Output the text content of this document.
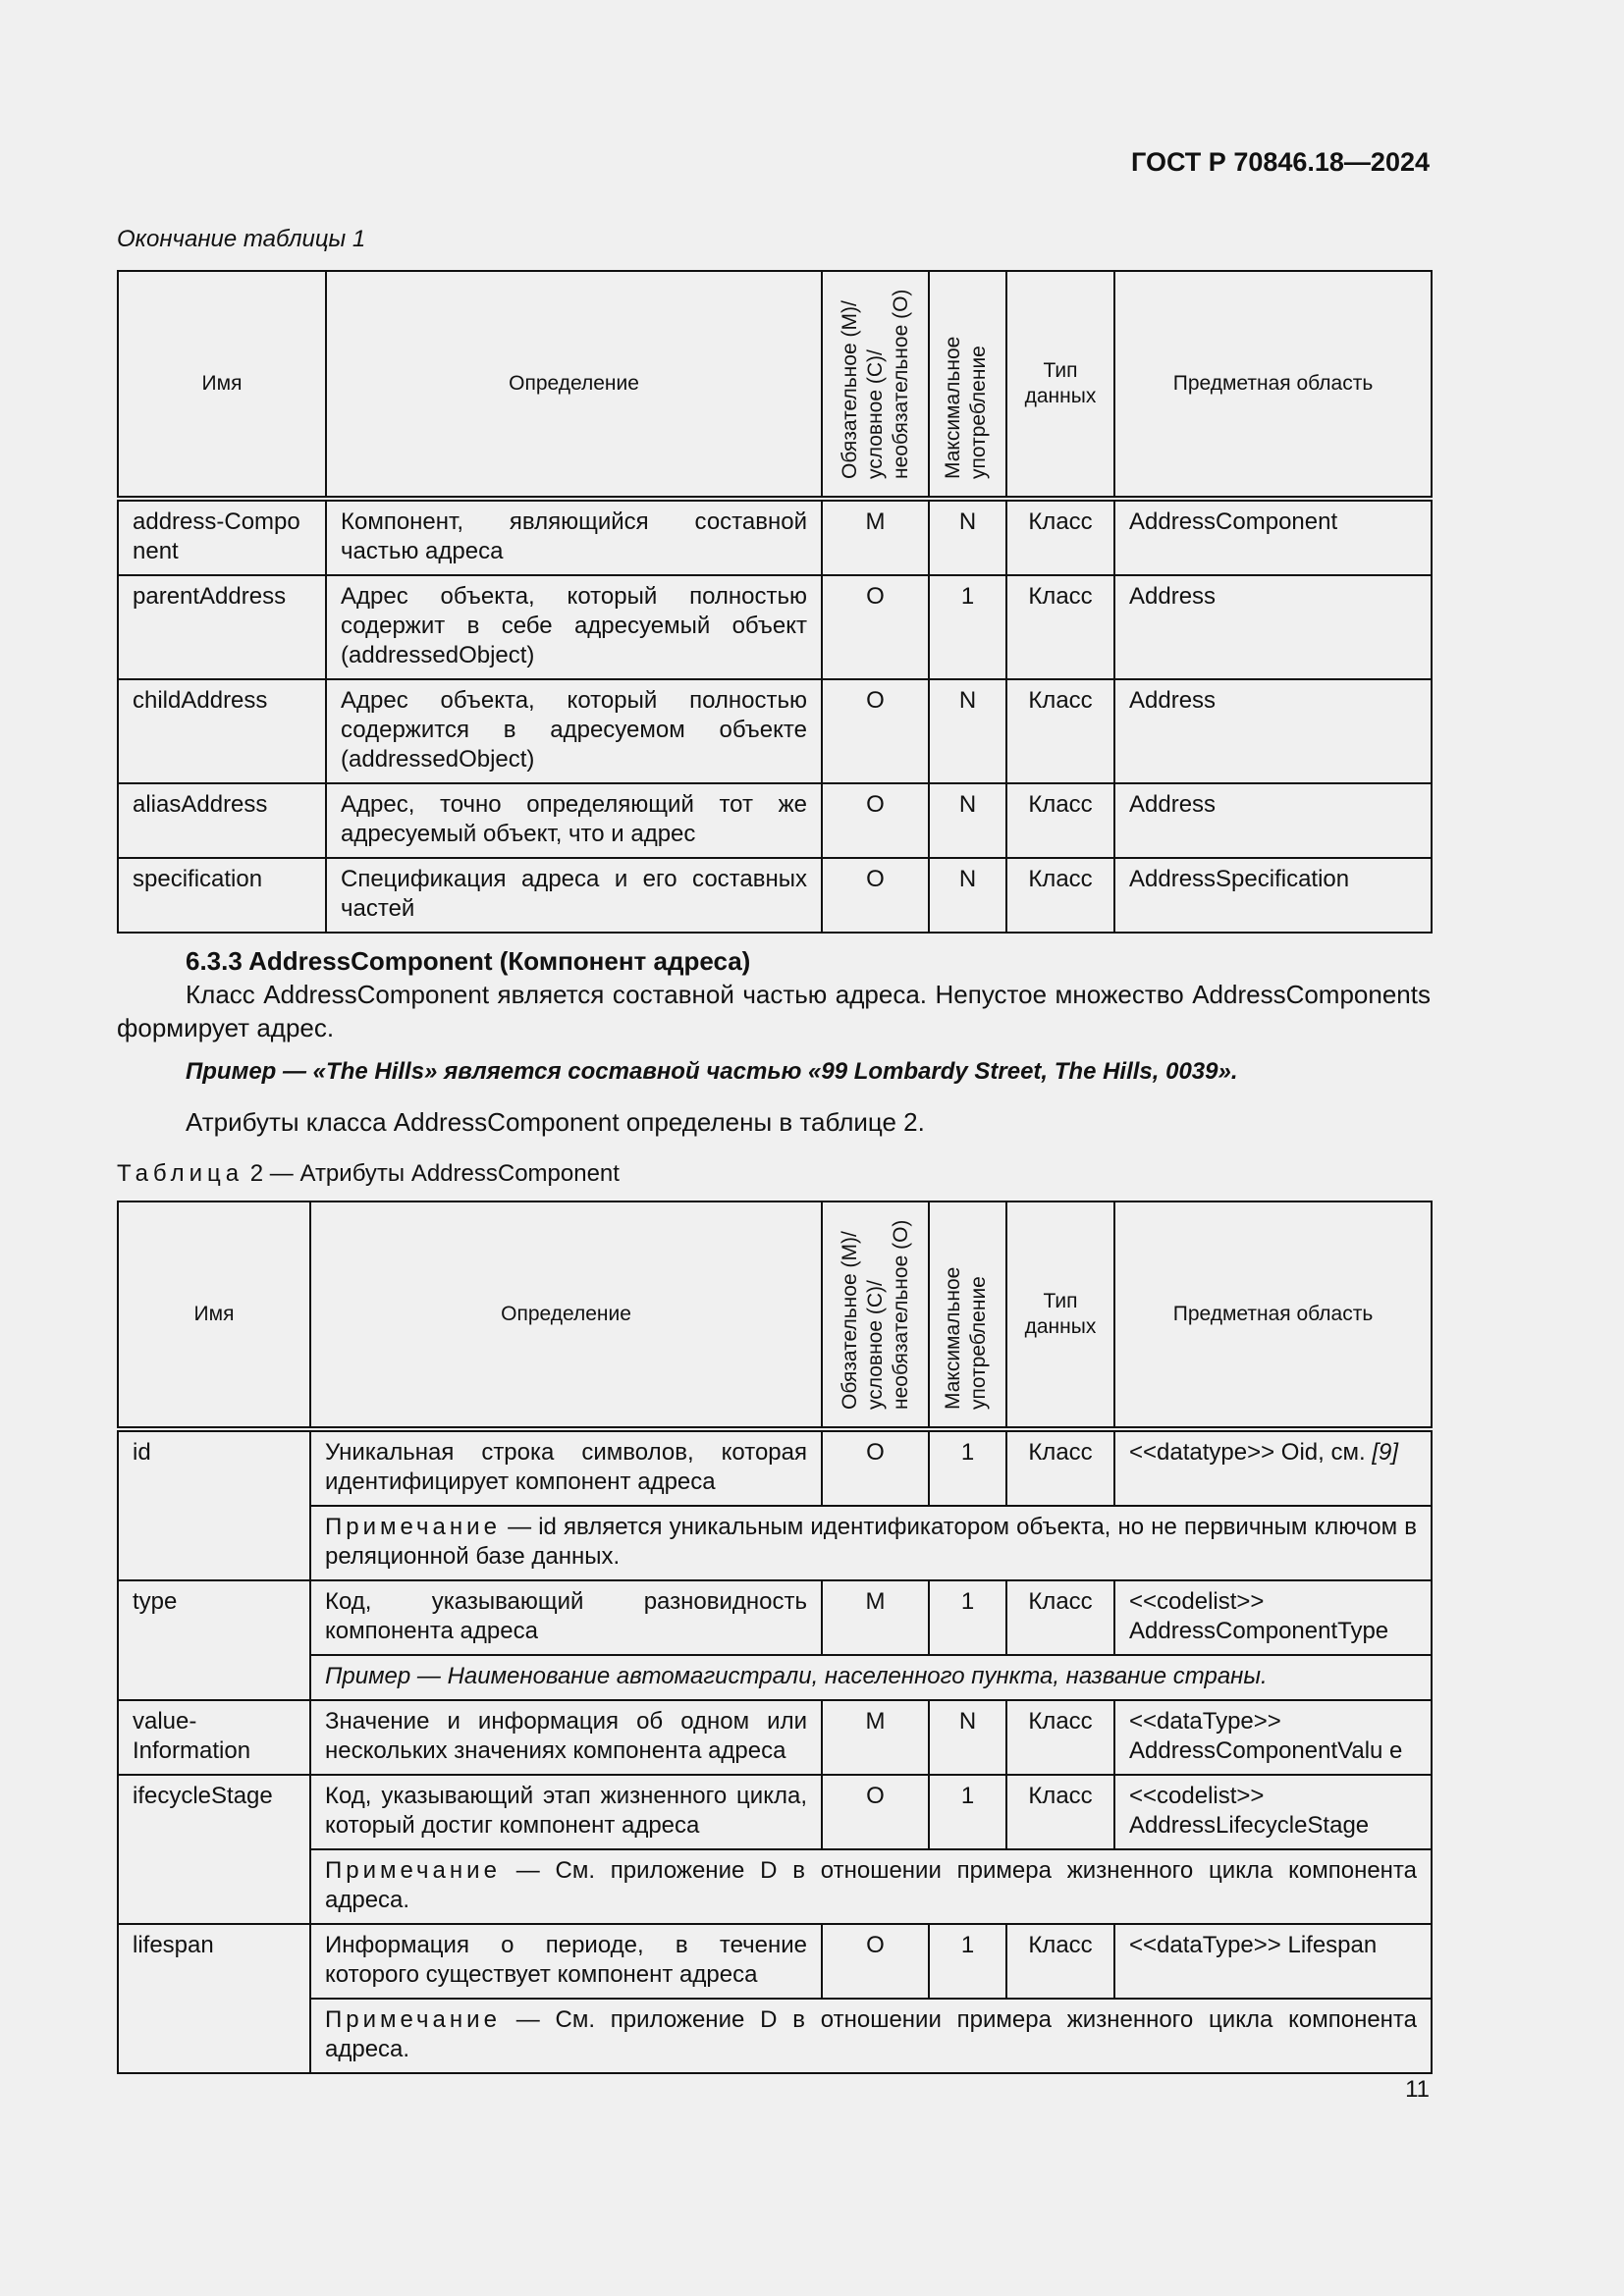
ГОСТ Р 70846.18—2024
Окончание таблицы 1
Имя	Определение	Обязательное (М)/ условное (С)/ необязательное (О)	Максимальное употребление	Тип данных	Предметная область
address-Component	Компонент, являющийся составной частью адреса	M	N	Класс	AddressComponent
parentAddress	Адрес объекта, который полностью содержит в себе адресуемый объект (addressedObject)	O	1	Класс	Address
childAddress	Адрес объекта, который полностью содержится в адресуемом объекте (addressedObject)	O	N	Класс	Address
aliasAddress	Адрес, точно определяющий тот же адресуемый объект, что и адрес	O	N	Класс	Address
specification	Спецификация адреса и его составных частей	O	N	Класс	AddressSpecification
6.3.3 AddressComponent (Компонент адреса)
Класс AddressComponent является составной частью адреса. Непустое множество AddressComponents формирует адрес.
Пример — «The Hills» является составной частью «99 Lombardy Street, The Hills, 0039».
Атрибуты класса AddressComponent определены в таблице 2.
Таблица 2 — Атрибуты AddressComponent
Имя	Определение	Обязательное (М)/ условное (С)/ необязательное (О)	Максимальное употребление	Тип данных	Предметная область
id	Уникальная строка символов, которая идентифицирует компонент адреса	O	1	Класс	<<datatype>> Oid, см. [9]
	Примечание — id является уникальным идентификатором объекта, но не первичным ключом в реляционной базе данных.				
type	Код, указывающий разновидность компонента адреса	M	1	Класс	<<codelist>> AddressComponentType
	Пример — Наименование автомагистрали, населенного пункта, название страны.				
value-Information	Значение и информация об одном или нескольких значениях компонента адреса	M	N	Класс	<<dataType>> AddressComponentValu e
ifecycleStage	Код, указывающий этап жизненного цикла, который достиг компонент адреса	O	1	Класс	<<codelist>> AddressLifecycleStage
	Примечание — См. приложение D в отношении примера жизненного цикла компонента адреса.				
lifespan	Информация о периоде, в течение которого существует компонент адреса	O	1	Класс	<<dataType>> Lifespan
	Примечание — См. приложение D в отношении примера жизненного цикла компонента адреса.				
11
